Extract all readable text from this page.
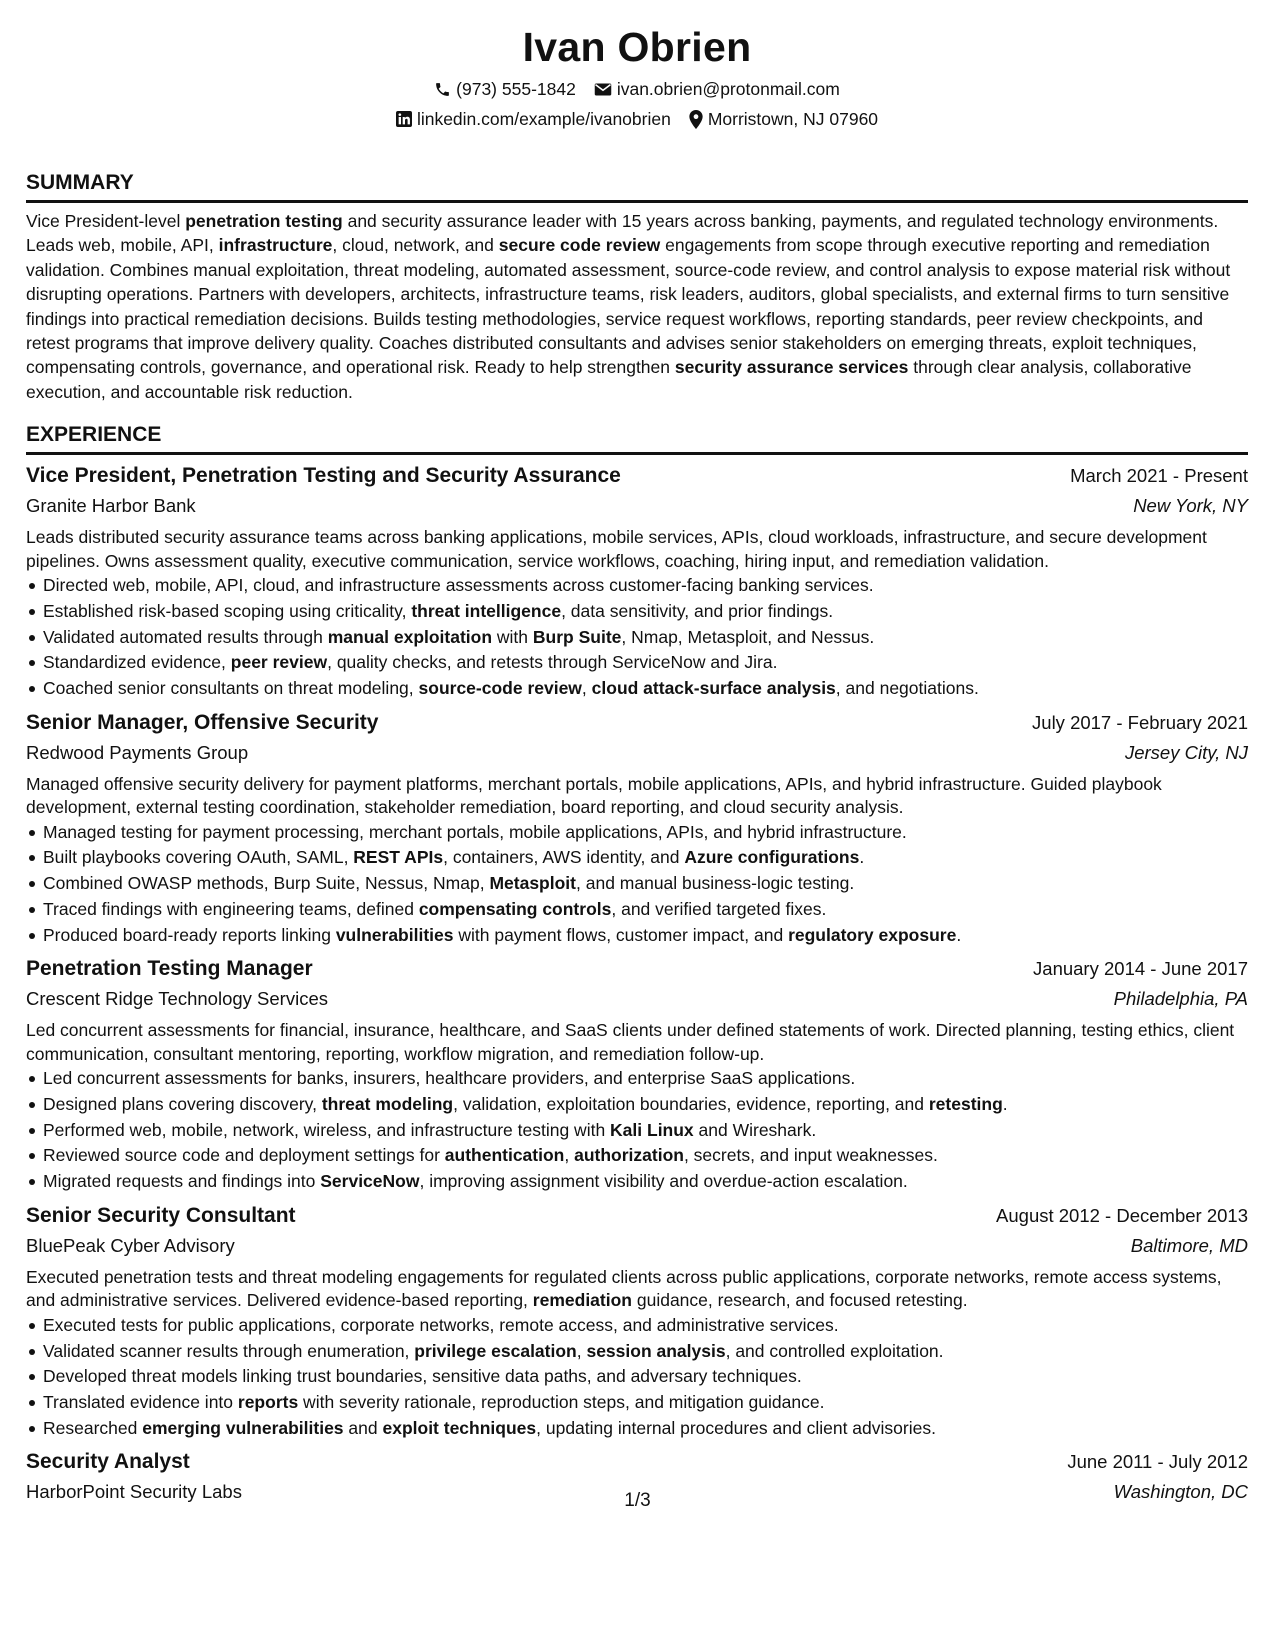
Ivan Obrien
(973) 555-1842 ivan.obrien@protonmail.com
linkedin.com/example/ivanobrien Morristown, NJ 07960
SUMMARY

Vice President-level penetration testing and security assurance leader with 15 years across banking, payments, and regulated technology environments. Leads web, mobile, API, infrastructure, cloud, network, and secure code review engagements from scope through executive reporting and remediation validation. Combines manual exploitation, threat modeling, automated assessment, source-code review, and control analysis to expose material risk without disrupting operations. Partners with developers, architects, infrastructure teams, risk leaders, auditors, global specialists, and external firms to turn sensitive findings into practical remediation decisions. Builds testing methodologies, service request workflows, reporting standards, peer review checkpoints, and retest programs that improve delivery quality. Coaches distributed consultants and advises senior stakeholders on emerging threats, exploit techniques, compensating controls, governance, and operational risk. Ready to help strengthen security assurance services through clear analysis, collaborative execution, and accountable risk reduction.

EXPERIENCE
Vice President, Penetration Testing and Security Assurance	March 2021 - Present
Granite Harbor Bank	New York, NY

Leads distributed security assurance teams across banking applications, mobile services, APIs, cloud workloads, infrastructure, and secure development pipelines. Owns assessment quality, executive communication, service workflows, coaching, hiring input, and remediation validation.

Directed web, mobile, API, cloud, and infrastructure assessments across customer-facing banking services.
Established risk-based scoping using criticality, threat intelligence, data sensitivity, and prior findings.
Validated automated results through manual exploitation with Burp Suite, Nmap, Metasploit, and Nessus.
Standardized evidence, peer review, quality checks, and retests through ServiceNow and Jira.
Coached senior consultants on threat modeling, source-code review, cloud attack-surface analysis, and negotiations.
Senior Manager, Offensive Security	July 2017 - February 2021
Redwood Payments Group	Jersey City, NJ

Managed offensive security delivery for payment platforms, merchant portals, mobile applications, APIs, and hybrid infrastructure. Guided playbook development, external testing coordination, stakeholder remediation, board reporting, and cloud security analysis.

Managed testing for payment processing, merchant portals, mobile applications, APIs, and hybrid infrastructure.
Built playbooks covering OAuth, SAML, REST APIs, containers, AWS identity, and Azure configurations.
Combined OWASP methods, Burp Suite, Nessus, Nmap, Metasploit, and manual business-logic testing.
Traced findings with engineering teams, defined compensating controls, and verified targeted fixes.
Produced board-ready reports linking vulnerabilities with payment flows, customer impact, and regulatory exposure.
Penetration Testing Manager	January 2014 - June 2017
Crescent Ridge Technology Services	Philadelphia, PA

Led concurrent assessments for financial, insurance, healthcare, and SaaS clients under defined statements of work. Directed planning, testing ethics, client communication, consultant mentoring, reporting, workflow migration, and remediation follow-up.

Led concurrent assessments for banks, insurers, healthcare providers, and enterprise SaaS applications.
Designed plans covering discovery, threat modeling, validation, exploitation boundaries, evidence, reporting, and retesting.
Performed web, mobile, network, wireless, and infrastructure testing with Kali Linux and Wireshark.
Reviewed source code and deployment settings for authentication, authorization, secrets, and input weaknesses.
Migrated requests and findings into ServiceNow, improving assignment visibility and overdue-action escalation.
Senior Security Consultant	August 2012 - December 2013
BluePeak Cyber Advisory	Baltimore, MD

Executed penetration tests and threat modeling engagements for regulated clients across public applications, corporate networks, remote access systems, and administrative services. Delivered evidence-based reporting, remediation guidance, research, and focused retesting.

Executed tests for public applications, corporate networks, remote access, and administrative services.
Validated scanner results through enumeration, privilege escalation, session analysis, and controlled exploitation.
Developed threat models linking trust boundaries, sensitive data paths, and adversary techniques.
Translated evidence into reports with severity rationale, reproduction steps, and mitigation guidance.
Researched emerging vulnerabilities and exploit techniques, updating internal procedures and client advisories.
Security Analyst	June 2011 - July 2012
HarborPoint Security Labs	Washington, DC
1/3
